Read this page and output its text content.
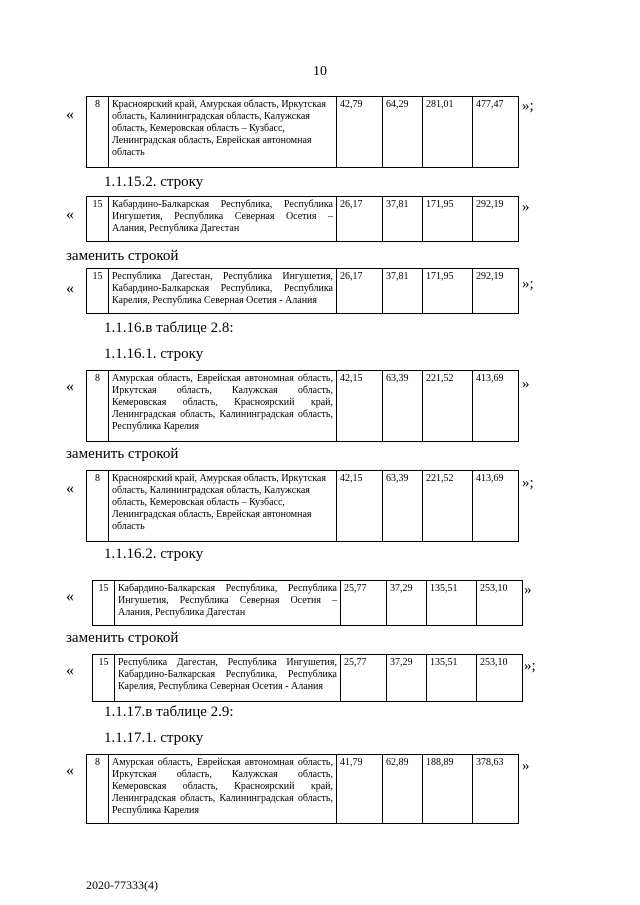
10
«
8	Красноярский край, Амурская область, Иркутская область, Калининградская область, Калужская область, Кемеровская область – Кузбасс, Ленинградская область, Еврейская автономная область	42,79	64,29	281,01	477,47 »;
1.1.15.2. строку
«
15	Кабардино-Балкарская Республика, Республика Ингушетия, Республика Северная Осетия – Алания, Республика Дагестан	26,17	37,81	171,95	292,19 »
заменить строкой
«
15	Республика Дагестан, Республика Ингушетия, Кабардино-Балкарская Республика, Республика Карелия, Республика Северная Осетия - Алания	26,17	37,81	171,95	292,19 »;
1.1.16.в таблице 2.8:
1.1.16.1. строку
« 8	Амурская область, Еврейская автономная область, Иркутская область, Калужская область, Кемеровская область, Красноярский край, Ленинградская область, Калининградская область, Республика Карелия	42,15	63,39	221,52	413,69 »
заменить строкой
«
8	Красноярский край, Амурская область, Иркутская область, Калининградская область, Калужская область, Кемеровская область – Кузбасс, Ленинградская область, Еврейская автономная область	42,15	63,39	221,52	413,69 »;
1.1.16.2. строку
« 15	Кабардино-Балкарская Республика, Республика Ингушетия, Республика Северная Осетия – Алания, Республика Дагестан	25,77	37,29	135,51	253,10 »
заменить строкой
« 15	Республика Дагестан, Республика Ингушетия, Кабардино-Балкарская Республика, Республика Карелия, Республика Северная Осетия - Алания	25,77	37,29	135,51	253,10 »;
1.1.17.в таблице 2.9:
1.1.17.1. строку
« 8	Амурская область, Еврейская автономная область, Иркутская область, Калужская область, Кемеровская область, Красноярский край, Ленинградская область, Калининградская область, Республика Карелия	41,79	62,89	188,89	378,63 »
2020-77333(4)
